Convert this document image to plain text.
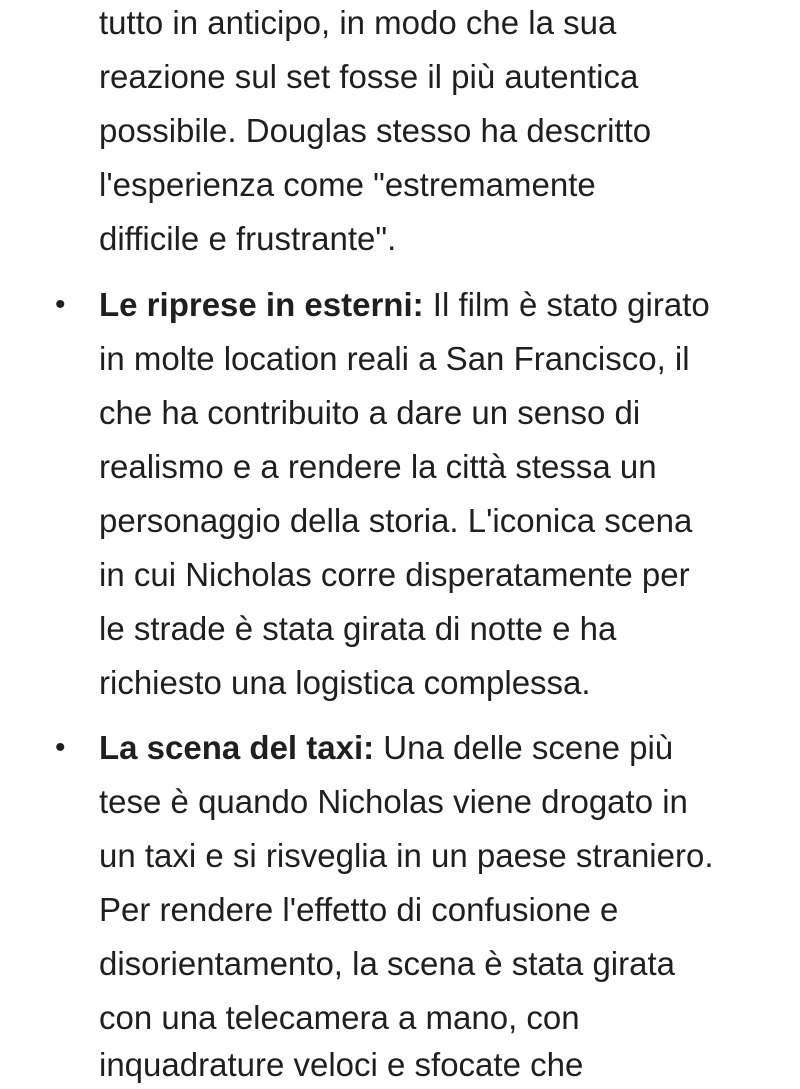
tutto in anticipo, in modo che la sua
reazione sul set fosse il più autentica
possibile. Douglas stesso ha descritto
l'esperienza come "estremamente
difficile e frustrante".
• Le riprese in esterni: Il film è stato girato
in molte location reali a San Francisco, il
che ha contribuito a dare un senso di
realismo e a rendere la città stessa un
personaggio della storia. L'iconica scena
in cui Nicholas corre disperatamente per
le strade è stata girata di notte e ha
richiesto una logistica complessa.
• La scena del taxi: Una delle scene più
tese è quando Nicholas viene drogato in
un taxi e si risveglia in un paese straniero.
Per rendere l'effetto di confusione e
disorientamento, la scena è stata girata
con una telecamera a mano, con
inquadrature veloci e sfocate che
